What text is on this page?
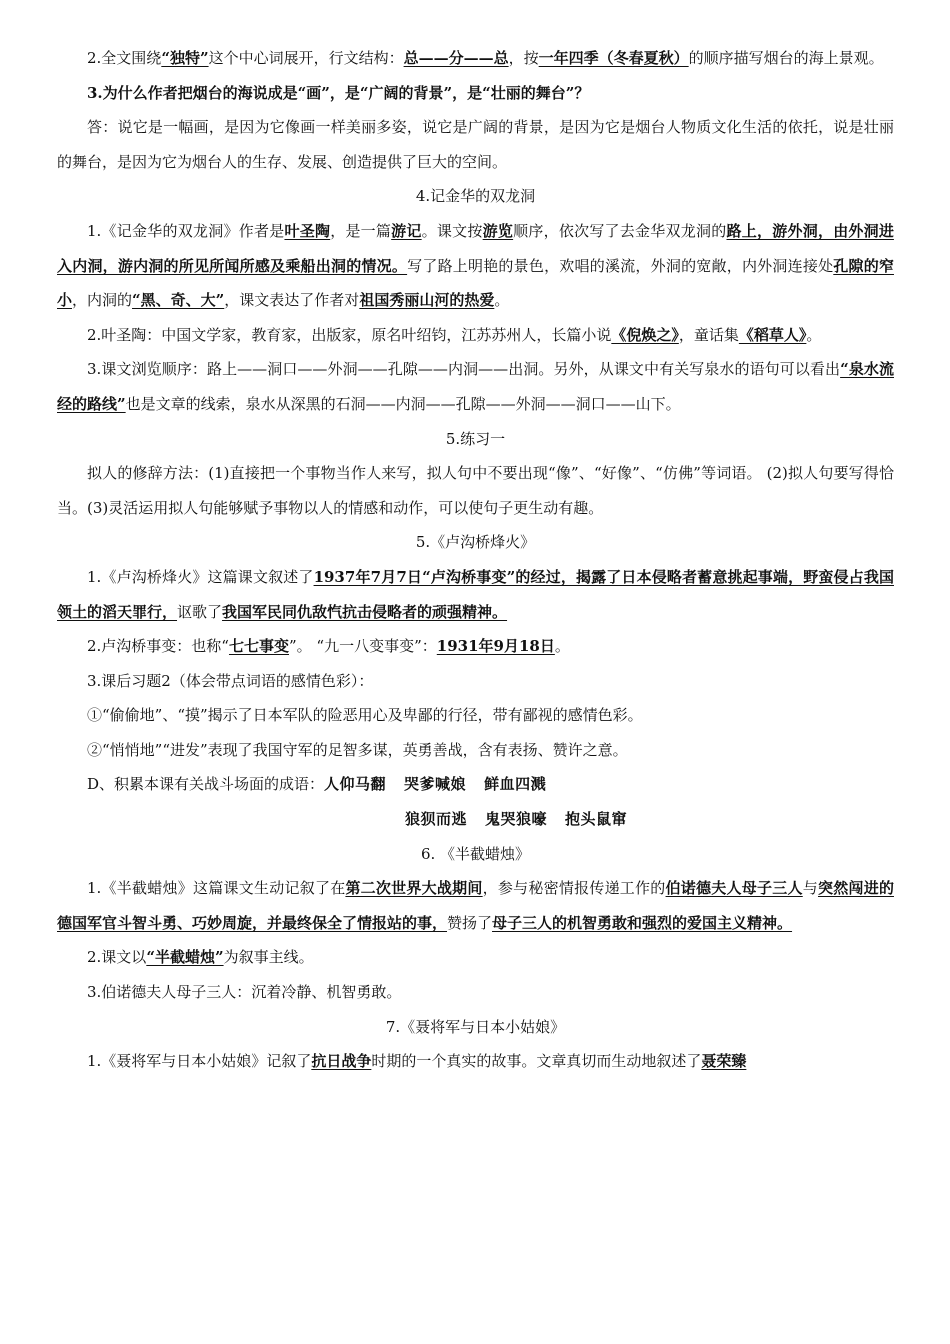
2.全文围绕“独特”这个中心词展开，行文结构：总——分——总，按一年四季（冬春夏秋）的顺序描写烟台的海上景观。

3.为什么作者把烟台的海说成是“画”，是“广阔的背景”，是“壮丽的舞台”？

答：说它是一幅画，是因为它像画一样美丽多姿，说它是广阔的背景，是因为它是烟台人物质文化生活的依托，说是壮丽的舞台，是因为它为烟台人的生存、发展、创造提供了巨大的空间。

4.记金华的双龙洞

1.《记金华的双龙洞》作者是叶圣陶，是一篇游记。课文按游览顺序，依次写了去金华双龙洞的路上，游外洞，由外洞进入内洞，游内洞的所见所闻所感及乘船出洞的情况。写了路上明艳的景色，欢唱的溪流，外洞的宽敞，内外洞连接处孔隙的窄小，内洞的“黑、奇、大”，课文表达了作者对祖国秀丽山河的热爱。

2.叶圣陶：中国文学家，教育家，出版家，原名叶绍钧，江苏苏州人，长篇小说《倪焕之》，童话集《稻草人》。

3.课文浏览顺序：路上——洞口——外洞——孔隙——内洞——出洞。另外，从课文中有关写泉水的语句可以看出“泉水流经的路线”也是文章的线索，泉水从深黑的石洞——内洞——孔隙——外洞——洞口——山下。

5.练习一

拟人的修辞方法：(1)直接把一个事物当作人来写，拟人句中不要出现“像”、“好像”、“仿佛”等词语。 (2)拟人句要写得恰当。(3)灵活运用拟人句能够赋予事物以人的情感和动作，可以使句子更生动有趣。

5.《卢沟桥烽火》

1.《卢沟桥烽火》这篇课文叙述了1937年7月7日“卢沟桥事变”的经过，揭露了日本侵略者蓄意挑起事端，野蛮侵占我国领土的滔天罪行，讴歌了我国军民同仇敌忾抗击侵略者的顽强精神。

2.卢沟桥事变：也称“七七事变”。 “九一八变事变”：1931年9月18日。

3.课后习题2（体会带点词语的感情色彩）：

①“偷偷地”、“摸”揭示了日本军队的险恶用心及卑鄙的行径，带有鄙视的感情色彩。

②“悄悄地”“进发”表现了我国守军的足智多谋，英勇善战，含有表扬、赞许之意。

D、积累本课有关战斗场面的成语：人仰马翻 哭爹喊娘 鲜血四溅

狼狈而逃 鬼哭狼嚎 抱头鼠窜

6. 《半截蜡烛》

1.《半截蜡烛》这篇课文生动记叙了在第二次世界大战期间，参与秘密情报传递工作的伯诺德夫人母子三人与突然闯进的德国军官斗智斗勇、巧妙周旋，并最终保全了情报站的事，赞扬了母子三人的机智勇敢和强烈的爱国主义精神。

2.课文以“半截蜡烛”为叙事主线。

3.伯诺德夫人母子三人：沉着冷静、机智勇敢。

7.《聂将军与日本小姑娘》

1.《聂将军与日本小姑娘》记叙了抗日战争时期的一个真实的故事。文章真切而生动地叙述了聂荣臻
